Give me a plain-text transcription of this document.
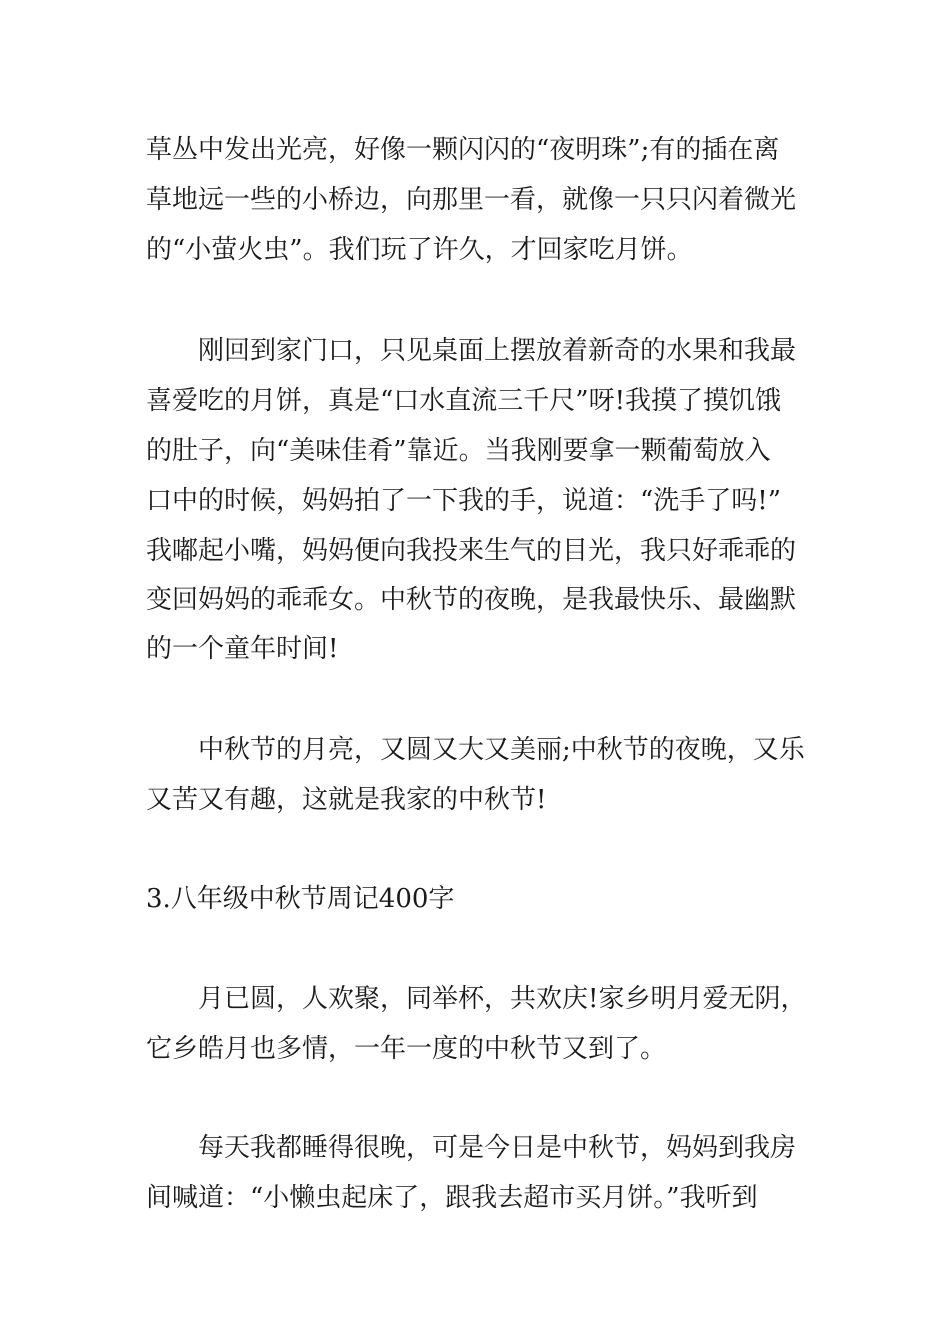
草丛中发出光亮，好像一颗闪闪的“夜明珠”;有的插在离
草地远一些的小桥边，向那里一看，就像一只只闪着微光
的“小萤火虫”。我们玩了许久，才回家吃月饼。
刚回到家门口，只见桌面上摆放着新奇的水果和我最
喜爱吃的月饼，真是“口水直流三千尺”呀!我摸了摸饥饿
的肚子，向“美味佳肴”靠近。当我刚要拿一颗葡萄放入
口中的时候，妈妈拍了一下我的手，说道：“洗手了吗!”
我嘟起小嘴，妈妈便向我投来生气的目光，我只好乖乖的
变回妈妈的乖乖女。中秋节的夜晚，是我最快乐、最幽默
的一个童年时间!
中秋节的月亮，又圆又大又美丽;中秋节的夜晚，又乐
又苦又有趣，这就是我家的中秋节!
3.八年级中秋节周记400字
月已圆，人欢聚，同举杯，共欢庆!家乡明月爱无阴，
它乡皓月也多情，一年一度的中秋节又到了。
每天我都睡得很晚，可是今日是中秋节，妈妈到我房
间喊道：“小懒虫起床了，跟我去超市买月饼。”我听到
